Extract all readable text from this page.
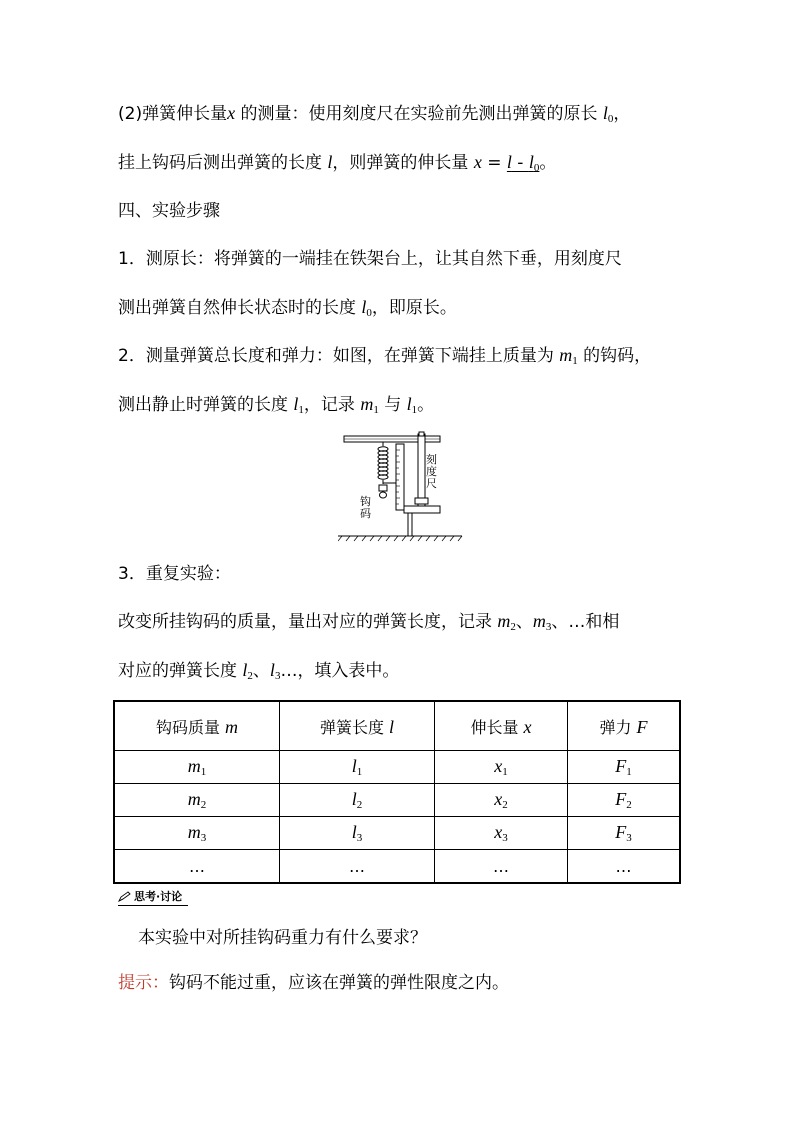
(2)弹簧伸长量x 的测量：使用刻度尺在实验前先测出弹簧的原长 $l_0$，
挂上钩码后测出弹簧的长度 l，则弹簧的伸长量 $x = l - l_0$。
四、实验步骤
1．测原长：将弹簧的一端挂在铁架台上，让其自然下垂，用刻度尺
测出弹簧自然伸长状态时的长度 $l_0$，即原长。
2．测量弹簧总长度和弹力：如图，在弹簧下端挂上质量为 $m_1$ 的钩码，
测出静止时弹簧的长度 $l_1$，记录 $m_1$ 与 $l_1$。
刻度尺
钩码
3．重复实验：
改变所挂钩码的质量，量出对应的弹簧长度，记录 $m_2$、$m_3$、…和相
对应的弹簧长度 $l_2$、$l_3\dots$，填入表中。
钩码质量 m	弹簧长度 l	伸长量 x	弹力 F
$m_1$	$l_1$	$x_1$	$F_1$
$m_2$	$l_2$	$x_2$	$F_2$
$m_3$	$l_3$	$x_3$	$F_3$
…	…	…	…
思考·讨论
本实验中对所挂钩码重力有什么要求？
提示：钩码不能过重，应该在弹簧的弹性限度之内。
